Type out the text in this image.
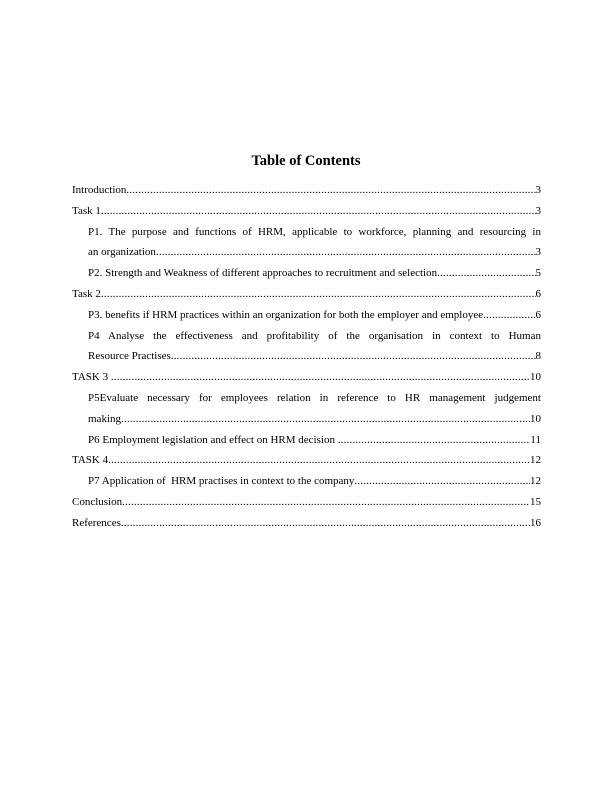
Table of Contents
Introduction .....	3
Task 1 .....	3
P1. The purpose and functions of HRM, applicable to workforce, planning and resourcing in
an organization .....	3
P2. Strength and Weakness of different approaches to recruitment and selection .....	5
Task 2 .....	6
P3. benefits if HRM practices within an organization for both the employer and employee .....	6
P4 Analyse the effectiveness and profitability of the organisation in context to Human
Resource Practises .....	8
TASK 3 .....	10
P5Evaluate necessary for employees relation in reference to HR management judgement
making .....	10
P6 Employment legislation and effect on HRM decision .....	11
TASK 4 .....	12
P7 Application of  HRM practises in context to the company .....	12
Conclusion .....	15
References .....	16
